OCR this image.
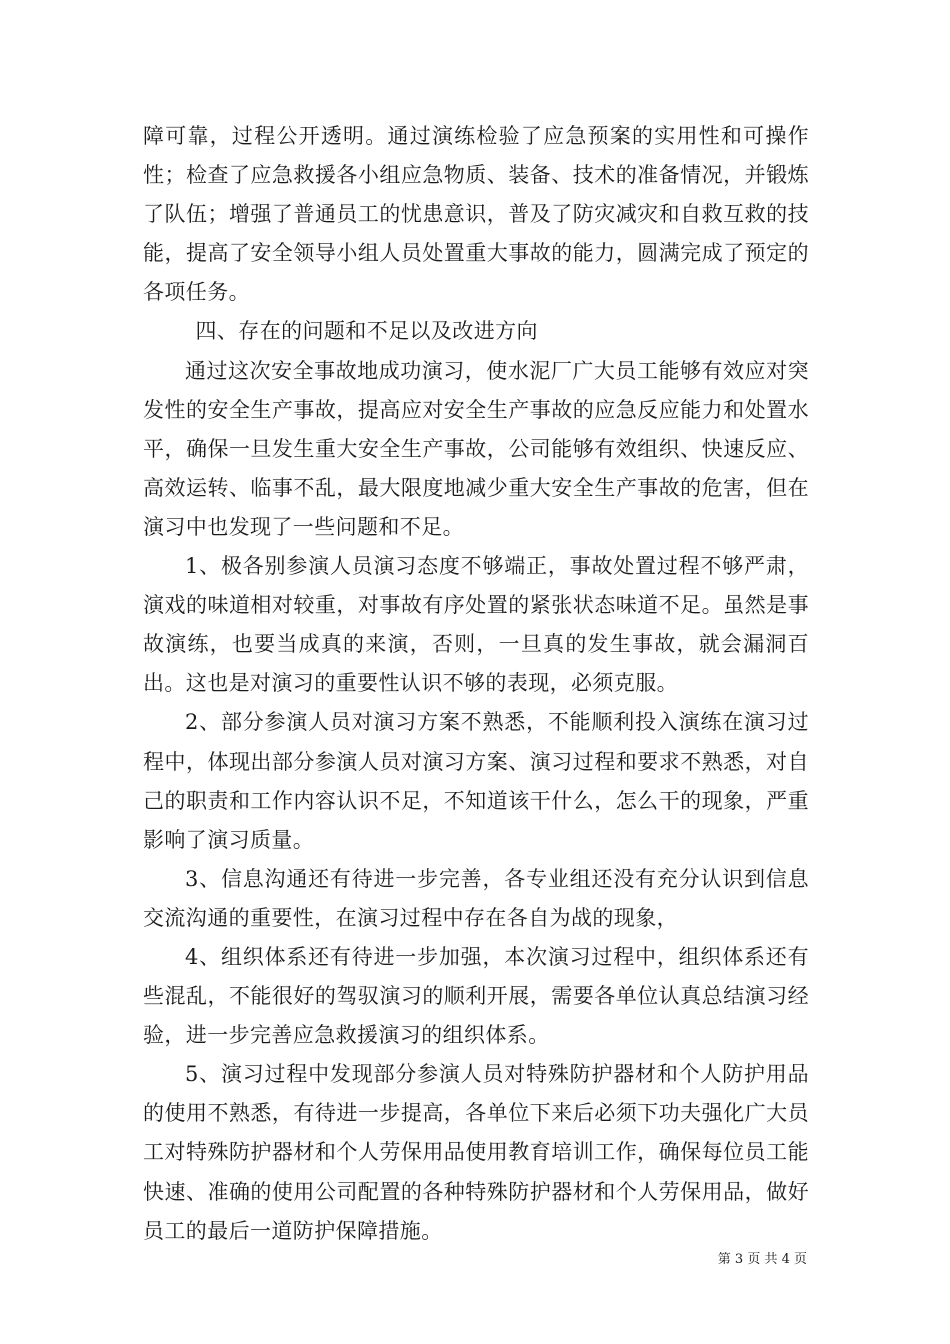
障可靠，过程公开透明。通过演练检验了应急预案的实用性和可操作性；检查了应急救援各小组应急物质、装备、技术的准备情况，并锻炼了队伍；增强了普通员工的忧患意识，普及了防灾减灾和自救互救的技能，提高了安全领导小组人员处置重大事故的能力，圆满完成了预定的各项任务。

四、存在的问题和不足以及改进方向

通过这次安全事故地成功演习，使水泥厂广大员工能够有效应对突发性的安全生产事故，提高应对安全生产事故的应急反应能力和处置水平，确保一旦发生重大安全生产事故，公司能够有效组织、快速反应、高效运转、临事不乱，最大限度地减少重大安全生产事故的危害，但在演习中也发现了一些问题和不足。

1、极各别参演人员演习态度不够端正，事故处置过程不够严肃，演戏的味道相对较重，对事故有序处置的紧张状态味道不足。虽然是事故演练，也要当成真的来演，否则，一旦真的发生事故，就会漏洞百出。这也是对演习的重要性认识不够的表现，必须克服。

2、部分参演人员对演习方案不熟悉，不能顺利投入演练在演习过程中，体现出部分参演人员对演习方案、演习过程和要求不熟悉，对自己的职责和工作内容认识不足，不知道该干什么，怎么干的现象，严重影响了演习质量。

3、信息沟通还有待进一步完善，各专业组还没有充分认识到信息交流沟通的重要性，在演习过程中存在各自为战的现象，

4、组织体系还有待进一步加强，本次演习过程中，组织体系还有些混乱，不能很好的驾驭演习的顺利开展，需要各单位认真总结演习经验，进一步完善应急救援演习的组织体系。

5、演习过程中发现部分参演人员对特殊防护器材和个人防护用品的使用不熟悉，有待进一步提高，各单位下来后必须下功夫强化广大员工对特殊防护器材和个人劳保用品使用教育培训工作，确保每位员工能快速、准确的使用公司配置的各种特殊防护器材和个人劳保用品，做好员工的最后一道防护保障措施。

第 3 页 共 4 页
